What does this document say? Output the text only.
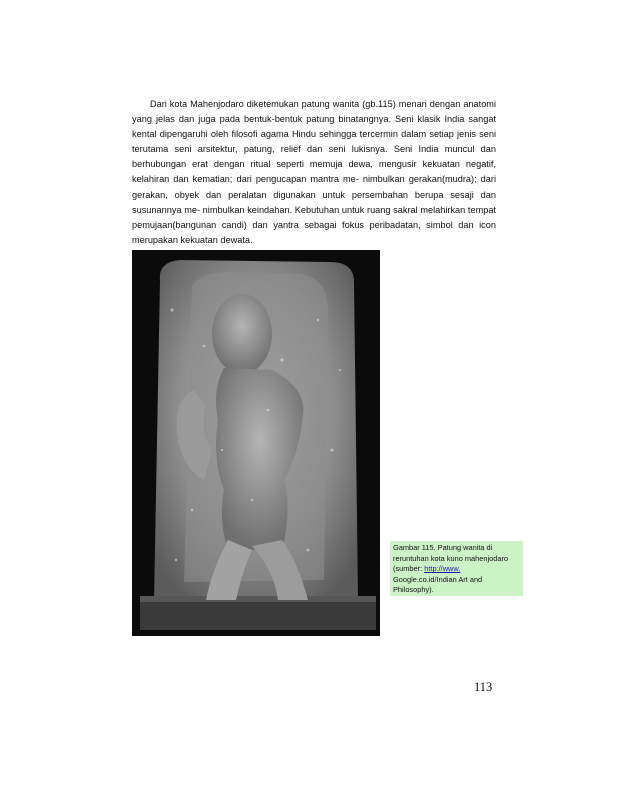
Dari kota Mahenjodaro diketemukan patung wanita (gb.115) menari dengan anatomi yang jelas dan juga pada bentuk-bentuk patung binatangnya. Seni klasik India sangat kental dipengaruhi oleh filosofi agama Hindu sehingga tercermin dalam setiap jenis seni terutama seni arsitektur, patung, relief dan seni lukisnya. Seni India muncul dan berhubungan erat dengan ritual seperti memuja dewa, mengusir kekuatan negatif, kelahiran dan kematian; dari pengucapan mantra me- nimbulkan gerakan(mudra); dari gerakan, obyek dan peralatan digunakan untuk persembahan berupa sesaji dan susunannya me- nimbulkan keindahan. Kebutuhan untuk ruang sakral melahirkan tempat pemujaan(bangunan candi) dan yantra sebagai fokus peribadatan, simbol dan icon merupakan kekuatan dewata.

Gambar 115. Patung wanita di reruntuhan kota kuno mahenjodaro (sumber: http://www. Google.co.id/Indian Art and Philosophy).
113
